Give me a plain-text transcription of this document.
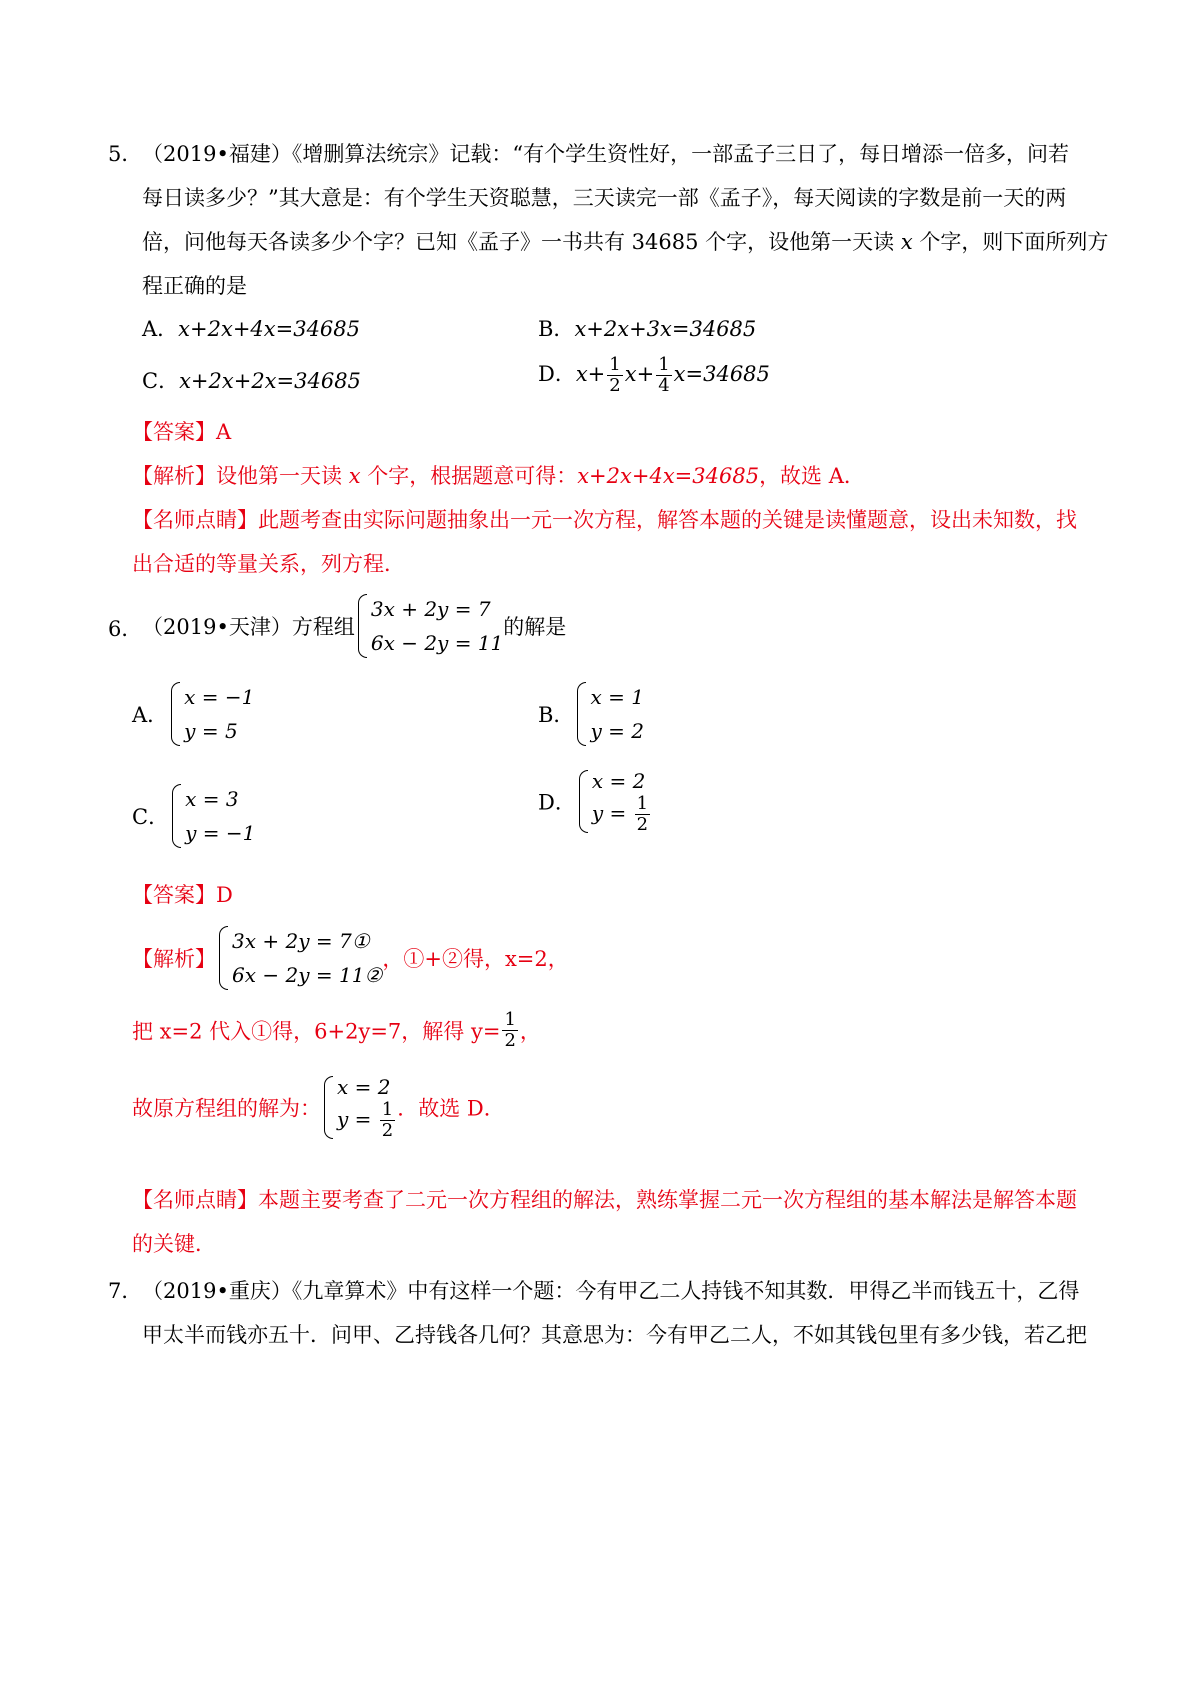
5． （2019•福建）《增删算法统宗》记载：“有个学生资性好，一部孟子三日了，每日增添一倍多，问若
每日读多少？”其大意是：有个学生天资聪慧，三天读完一部《孟子》，每天阅读的字数是前一天的两
倍，问他每天各读多少个字？已知《孟子》一书共有 34685 个字，设他第一天读 x 个字，则下面所列方
程正确的是
A．x+2x+4x=34685	B．x+2x+3x=34685
C．x+2x+2x=34685	D．$x+ \frac{1}{2} x+ \frac{1}{4} x=34685$
【答案】A
【解析】设他第一天读 x 个字，根据题意可得：x+2x+4x=34685，故选 A．
【名师点睛】此题考查由实际问题抽象出一元一次方程，解答本题的关键是读懂题意，设出未知数，找
出合适的等量关系，列方程．
6． （2019•天津）方程组
3x + 2y = 7
6x − 2y = 11
的解是
A．
x = −1
y = 5
B．
x = 1
y = 2
C．
x = 3
y = −1
D．
x = 2
$y = \frac{1}{2}$
【答案】D
【解析】
3x + 2y = 7①
6x − 2y = 11②
，①+②得，x=2，
把 x=2 代入①得，6+2y=7，解得 $y= \frac{1}{2}$ ，
故原方程组的解为：
x = 2
$y = \frac{1}{2}$ ．故选 D．
【名师点睛】本题主要考查了二元一次方程组的解法，熟练掌握二元一次方程组的基本解法是解答本题
的关键．
7． （2019•重庆）《九章算术》中有这样一个题：今有甲乙二人持钱不知其数．甲得乙半而钱五十，乙得
甲太半而钱亦五十．问甲、乙持钱各几何？其意思为：今有甲乙二人，不如其钱包里有多少钱，若乙把
